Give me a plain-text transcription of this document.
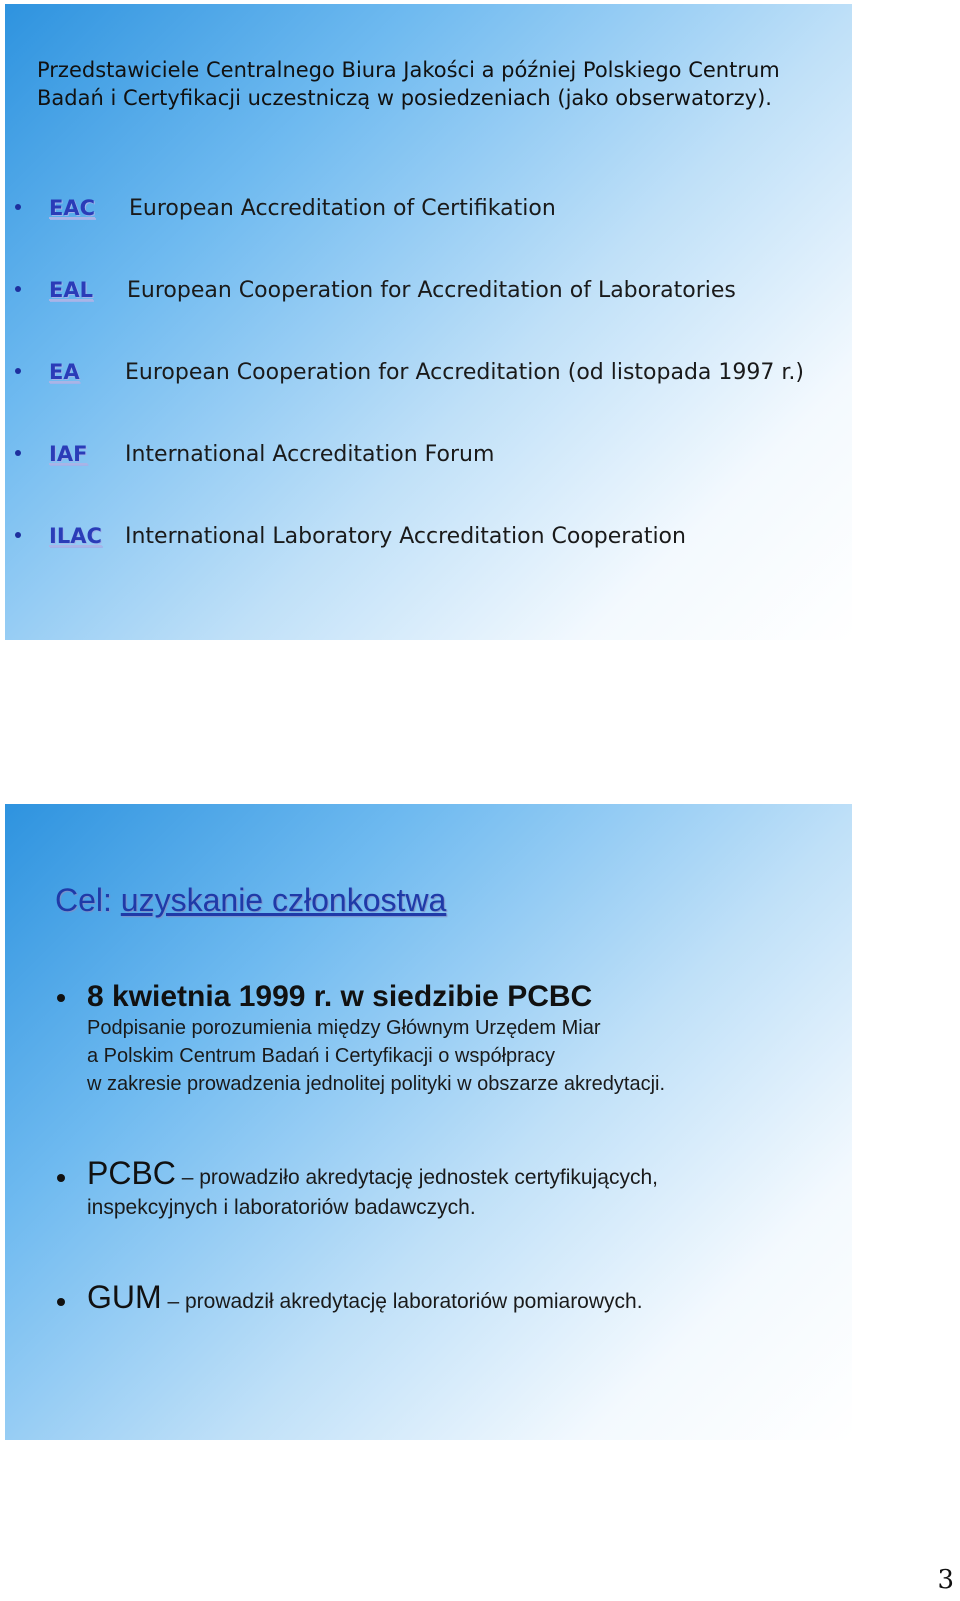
Przedstawiciele Centralnego Biura Jakości a później Polskiego Centrum Badań i Certyfikacji uczestniczą w posiedzeniach (jako obserwatorzy).
EAC European Accreditation of Certifikation
EAL European Cooperation for Accreditation of Laboratories
EA European Cooperation for Accreditation (od listopada 1997 r.)
IAF International Accreditation Forum
ILAC International Laboratory Accreditation Cooperation
Cel: uzyskanie członkostwa
8 kwietnia 1999 r. w siedzibie PCBC
Podpisanie porozumienia między Głównym Urzędem Miar
a Polskim Centrum Badań i Certyfikacji o współpracy
w zakresie prowadzenia jednolitej polityki w obszarze akredytacji.
PCBC – prowadziło akredytację jednostek certyfikujących,
inspekcyjnych i laboratoriów badawczych.
GUM – prowadził akredytację laboratoriów pomiarowych.
3
